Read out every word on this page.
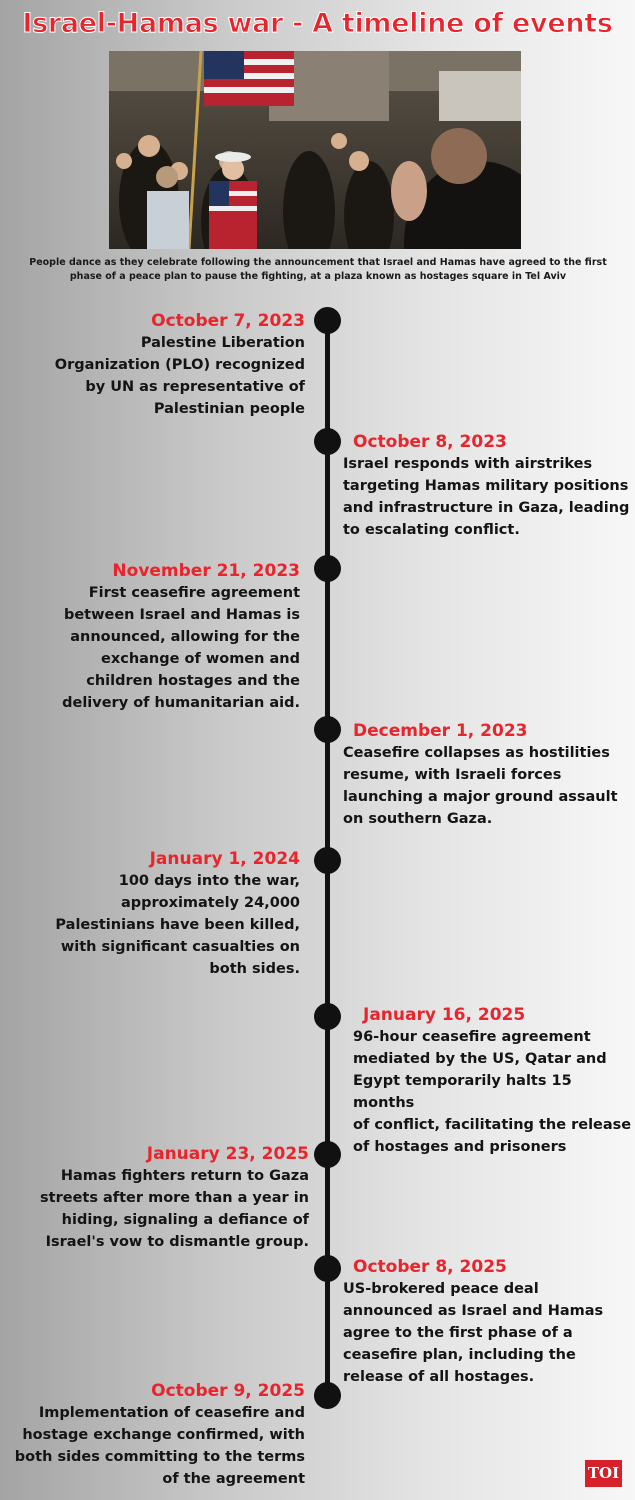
Israel-Hamas war - A timeline of events
People dance as they celebrate following the announcement that Israel and Hamas have agreed to the first phase of a peace plan to pause the fighting, at a plaza known as hostages square in Tel Aviv
October 7, 2023
Palestine Liberation
Organization (PLO) recognized
by UN as representative of
Palestinian people
October 8, 2023
Israel responds with airstrikes
targeting Hamas military positions
and infrastructure in Gaza, leading
to escalating conflict.
November 21, 2023
First ceasefire agreement
between Israel and Hamas is
announced, allowing for the
exchange of women and
children hostages and the
delivery of humanitarian aid.
December 1, 2023
Ceasefire collapses as hostilities
resume, with Israeli forces
launching a major ground assault
on southern Gaza.
January 1, 2024
100 days into the war,
approximately 24,000
Palestinians have been killed,
with significant casualties on
both sides.
January 16, 2025
96-hour ceasefire agreement
mediated by the US, Qatar and
Egypt temporarily halts 15 months
of conflict, facilitating the release
of hostages and prisoners
January 23, 2025
Hamas fighters return to Gaza
streets after more than a year in
hiding, signaling a defiance of
Israel's vow to dismantle group.
October 8, 2025
US-brokered peace deal
announced as Israel and Hamas
agree to the first phase of a
ceasefire plan, including the
release of all hostages.
October 9, 2025
Implementation of ceasefire and
hostage exchange confirmed, with
both sides committing to the terms
of the agreement	TOI
